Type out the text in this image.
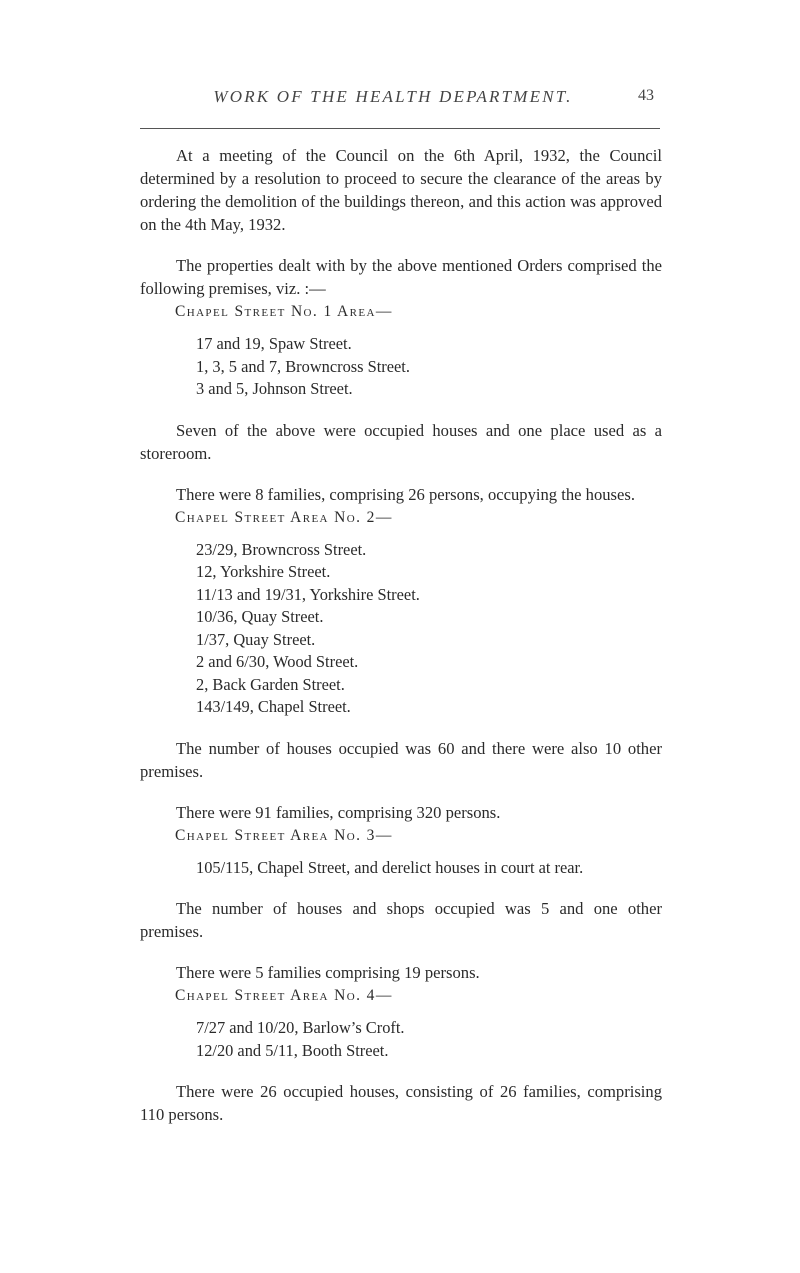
WORK OF THE HEALTH DEPARTMENT.	43

At a meeting of the Council on the 6th April, 1932, the Council determined by a resolution to proceed to secure the clearance of the areas by ordering the demolition of the buildings thereon, and this action was approved on the 4th May, 1932.

The properties dealt with by the above mentioned Orders comprised the following premises, viz. :—

Chapel Street No. 1 Area—
17 and 19, Spaw Street.
1, 3, 5 and 7, Browncross Street.
3 and 5, Johnson Street.

Seven of the above were occupied houses and one place used as a storeroom.

There were 8 families, comprising 26 persons, occupying the houses.

Chapel Street Area No. 2—
23/29, Browncross Street.
12, Yorkshire Street.
11/13 and 19/31, Yorkshire Street.
10/36, Quay Street.
1/37, Quay Street.
2 and 6/30, Wood Street.
2, Back Garden Street.
143/149, Chapel Street.

The number of houses occupied was 60 and there were also 10 other premises.

There were 91 families, comprising 320 persons.

Chapel Street Area No. 3—
105/115, Chapel Street, and derelict houses in court at rear.

The number of houses and shops occupied was 5 and one other premises.

There were 5 families comprising 19 persons.

Chapel Street Area No. 4—
7/27 and 10/20, Barlow’s Croft.
12/20 and 5/11, Booth Street.

There were 26 occupied houses, consisting of 26 families, comprising 110 persons.
